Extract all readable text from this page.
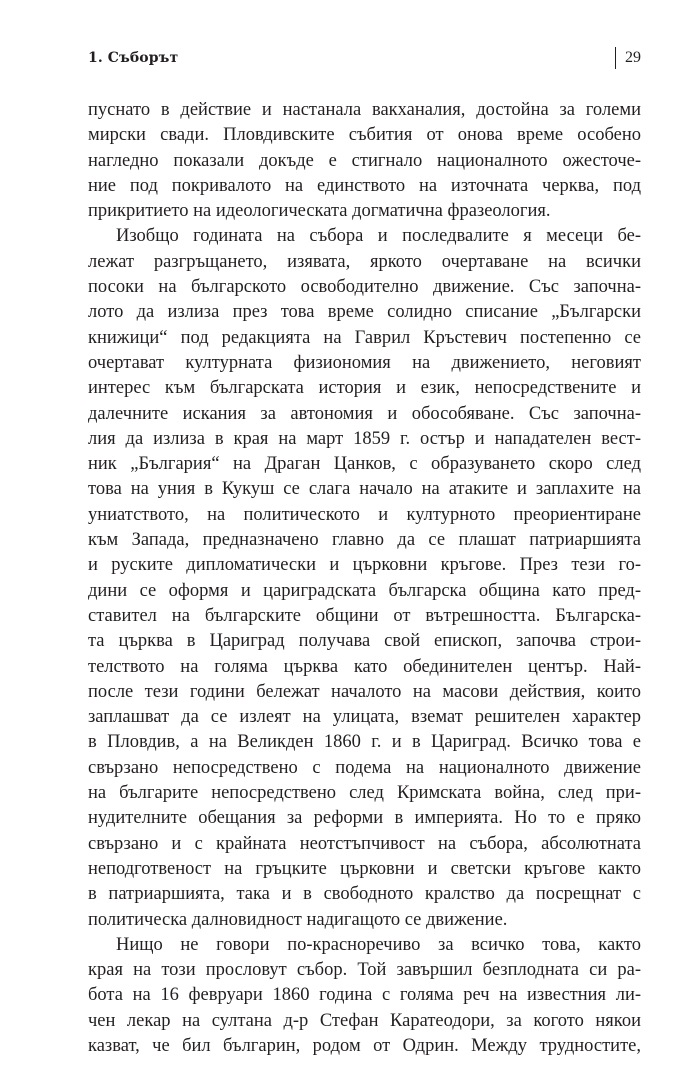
1. Съборът	29
пуснато в действие и настанала вакханалия, достойна за големи
мирски свади. Пловдивските събития от онова време особено
нагледно показали докъде е стигнало националното ожесточе-
ние под покривалото на единството на източната черква, под
прикритието на идеологическата догматична фразеология.
Изобщо годината на събора и последвалите я месеци бе-
лежат разгръщането, изявата, яркото очертаване на всички
посоки на българското освободително движение. Със започна-
лото да излиза през това време солидно списание „Български
книжици“ под редакцията на Гаврил Кръстевич постепенно се
очертават културната физиономия на движението, неговият
интерес към българската история и език, непосредствените и
далечните искания за автономия и обособяване. Със започна-
лия да излиза в края на март 1859 г. остър и нападателен вест-
ник „България“ на Драган Цанков, с образуването скоро след
това на уния в Кукуш се слага начало на атаките и заплахите на
униатството, на политическото и културното преориентиране
към Запада, предназначено главно да се плашат патриаршията
и руските дипломатически и църковни кръгове. През тези го-
дини се оформя и цариградската българска община като пред-
ставител на българските общини от вътрешността. Българска-
та църква в Цариград получава свой епископ, започва строи-
телството на голяма църква като обединителен център. Най-
после тези години бележат началото на масови действия, които
заплашват да се излеят на улицата, вземат решителен характер
в Пловдив, а на Великден 1860 г. и в Цариград. Всичко това е
свързано непосредствено с подема на националното движение
на българите непосредствено след Кримската война, след при-
нудителните обещания за реформи в империята. Но то е пряко
свързано и с крайната неотстъпчивост на събора, абсолютната
неподготвеност на гръцките църковни и светски кръгове както
в патриаршията, така и в свободното кралство да посрещнат с
политическа далновидност надигащото се движение.
Нищо не говори по-красноречиво за всичко това, както
края на този прословут събор. Той завършил безплодната си ра-
бота на 16 февруари 1860 година с голяма реч на известния ли-
чен лекар на султана д-р Стефан Каратеодори, за когото някои
казват, че бил българин, родом от Одрин. Между трудностите,
